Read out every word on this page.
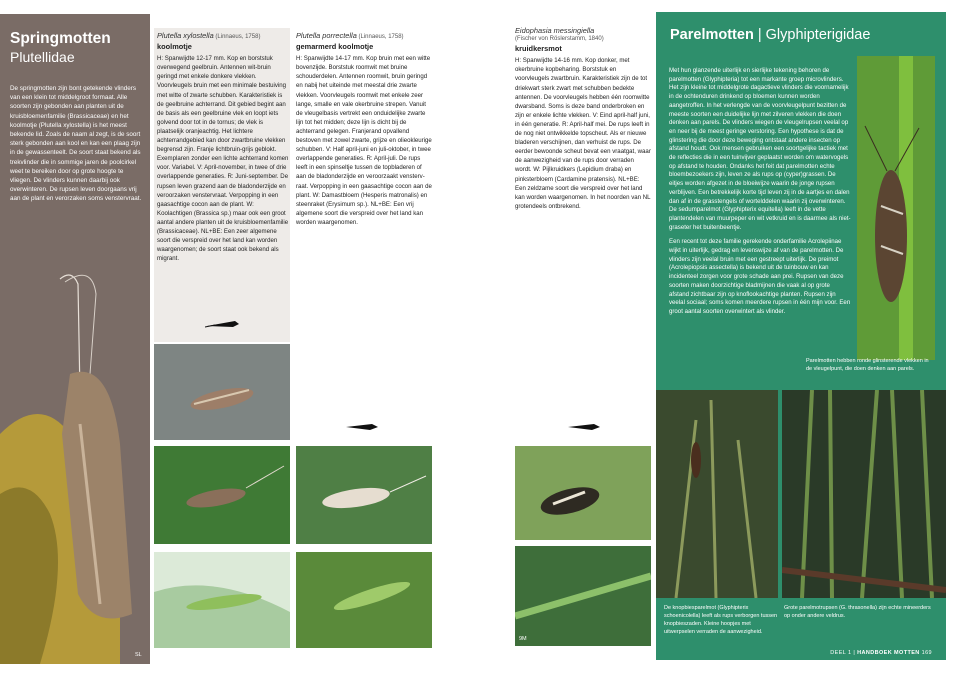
Springmotten
Plutellidae
De springmotten zijn bont getekende vlinders van een klein tot middelgroot formaat. Alle soorten zijn gebonden aan planten uit de kruisbloemenfamilie (Brassicaceae) en het koolmotje (Plutella xylostella) is het meest bekende lid. Zoals de naam al zegt, is de soort sterk gebonden aan kool en kan een plaag zijn in de gewassenteelt. De soort staat bekend als trekvlinder die in sommige jaren de poolcirkel weet te bereiken door op grote hoogte te vliegen. De vlinders kunnen daarbij ook overwinteren. De rupsen leven doorgaans vrij aan de plant en verorzaken soms venstervraat.
SL
Plutella xylostella (Linnaeus, 1758)
koolmotje
H: Spanwijdte 12-17 mm. Kop en borststuk overwegend geelbruin. Antennen wit-bruin geringd met enkele donkere vlekken. Voorvleugels bruin met een minimale bestuiving met witte of zwarte schubben. Karakteristiek is de geelbruine achterrand. Dit gebied begint aan de basis als een geelbruine vlek en loopt iets golvend door tot in de tornus; de vlek is plaatselijk oranjeachtig. Het lichtere achterrandgebied kan door zwartbruine vlekken begrensd zijn. Franje lichtbruin-grijs geblokt. Exemplaren zonder een lichte achterrand komen voor. Variabel. V: April-november, in twee of drie overlappende generaties. R: Juni-september. De rupsen leven grazend aan de bladonderzijde en veroorzaken venstervraat. Verpopping in een gaasachtige cocon aan de plant. W: Koolachtigen (Brassica sp.) maar ook een groot aantal andere planten uit de kruisbloemenfamilie (Brassicaceae). NL+BE: Een zeer algemene soort die verspreid over het land kan worden waargenomen; de soort staat ook bekend als migrant.
Plutella porrectella (Linnaeus, 1758)
gemarmerd koolmotje
H: Spanwijdte 14-17 mm. Kop bruin met een witte bovenzijde. Borststuk roomwit met bruine schouderdelen. Antennen roomwit, bruin geringd en nabij het uiteinde met meestal drie zwarte vlekken. Voorvleugels roomwit met enkele zeer lange, smalle en vale okerbruine strepen. Vanuit de vleugelbasis vertrekt een onduidelijke zwarte lijn tot het midden; deze lijn is dicht bij de achterrand gelegen. Franjerand opvallend bestoven met zowel zwarte, grijze en olieokleurige schubben. V: Half april-juni en juli-oktober, in twee overlappende generaties. R: April-juli. De rups leeft in een spinseltje tussen de topbladeren of aan de bladonderzijde en veroorzaakt venstervraat. Verpopping in een gaasachtige cocon aan de plant. W: Damastbloem (Hesperis matronalis) en steenraket (Erysimum sp.). NL+BE: Een vrij algemene soort die verspreid over het land kan worden waargenomen.
Eidophasia messingiella
(Fischer von Röslerstamm, 1840)
kruidkersmot
H: Spanwijdte 14-16 mm. Kop donker, met okerbruine kopbeharing. Borststuk en voorvleugels zwartbruin. Karakteristiek zijn de tot driekwart sterk zwart met schubben bedekte antennen. De voorvleugels hebben één roomwitte dwarsband. Soms is deze band onderbroken en zijn er enkele lichte vlekken. V: Eind april-half juni, in één generatie. R: April-half mei. De rups leeft in de nog niet ontwikkelde topscheut. Als er nieuwe bladeren verschijnen, dan verhuist de rups. De eerder bewoonde scheut bevat een vraatgat, waar de aanwezigheid van de rups door verraden wordt. W: Pijlkruidkers (Lepidium draba) en pinksterbloem (Cardamine pratensis). NL+BE: Een zeldzame soort die verspreid over het land kan worden waargenomen. In het noorden van NL grotendeels ontbrekend.
9M
Parelmotten | Glyphipterigidae
Met hun glanzende uiterlijk en sierlijke tekening behoren de parelmotten (Glyphipteria) tot een markante groep microvlinders. Het zijn kleine tot middelgrote dagactieve vlinders die voornamelijk in de ochtenduren drinkend op bloemen kunnen worden aangetroffen. In het verlengde van de voorvleugelpunt bezitten de meeste soorten een duidelijke lijn met zilveren vlekken die doen denken aan parels. De vlinders wiegen de vleugelrupsen veelal op en neer bij de meest geringe verstoring. Een hypothese is dat de glinstering die door deze beweging ontstaat andere insecten op afstand houdt. Ook mensen gebruiken een soortgelijke tactiek met de reflecties die in een tuinvijver geplaatst worden om watervogels op afstand te houden. Ondanks het feit dat parelmotten echte bloembezoekers zijn, leven ze als rups op (cyper)grassen. De eitjes worden afgezet in de bloeiwijze waarin de jonge rupsen verblijven. Een betrekkelijk korte tijd leven zij in de aartjes en dalen dan af in de grasstengels of wortelddelen waarin zij overwinteren. De sedumparelmot (Glyphipterix equitella) leeft in de vette plantendelen van muurpeper en wit vetkruid en is daarmee als niet-graseter het buitenbeentje.
Een recent tot deze familie gerekende onderfamilie Acrolepiinae wijkt in uiterlijk, gedrag en levenswijze af van de parelmotten. De vlinders zijn veelal bruin met een gestreept uiterlijk. De preimot (Acrolepiopsis assectella) is bekend uit de tuinbouw en kan incidenteel zorgen voor grote schade aan prei. Rupsen van deze soorten maken doorzichtige bladmijnen die vaak al op grote afstand zichtbaar zijn op knoflookachtige planten. Rupsen zijn veelal sociaal; soms komen meerdere rupsen in één mijn voor. Een groot aantal soorten overwintert als vlinder.
Parelmotten hebben ronde glinsterende vlekken in de vleugelpunt, die doen denken aan parels.
De knopbiesparelmot (Glyphipterix schoenicolella) leeft als rups verborgen tussen knopbieszaden. Kleine hoopjes met uitwerpselen verraden de aanwezigheid.
Grote parelmotrupsen (G. thrasonella) zijn echte mineerders op onder andere veldrus.
DEEL 1 | HANDBOEK MOTTEN 169
